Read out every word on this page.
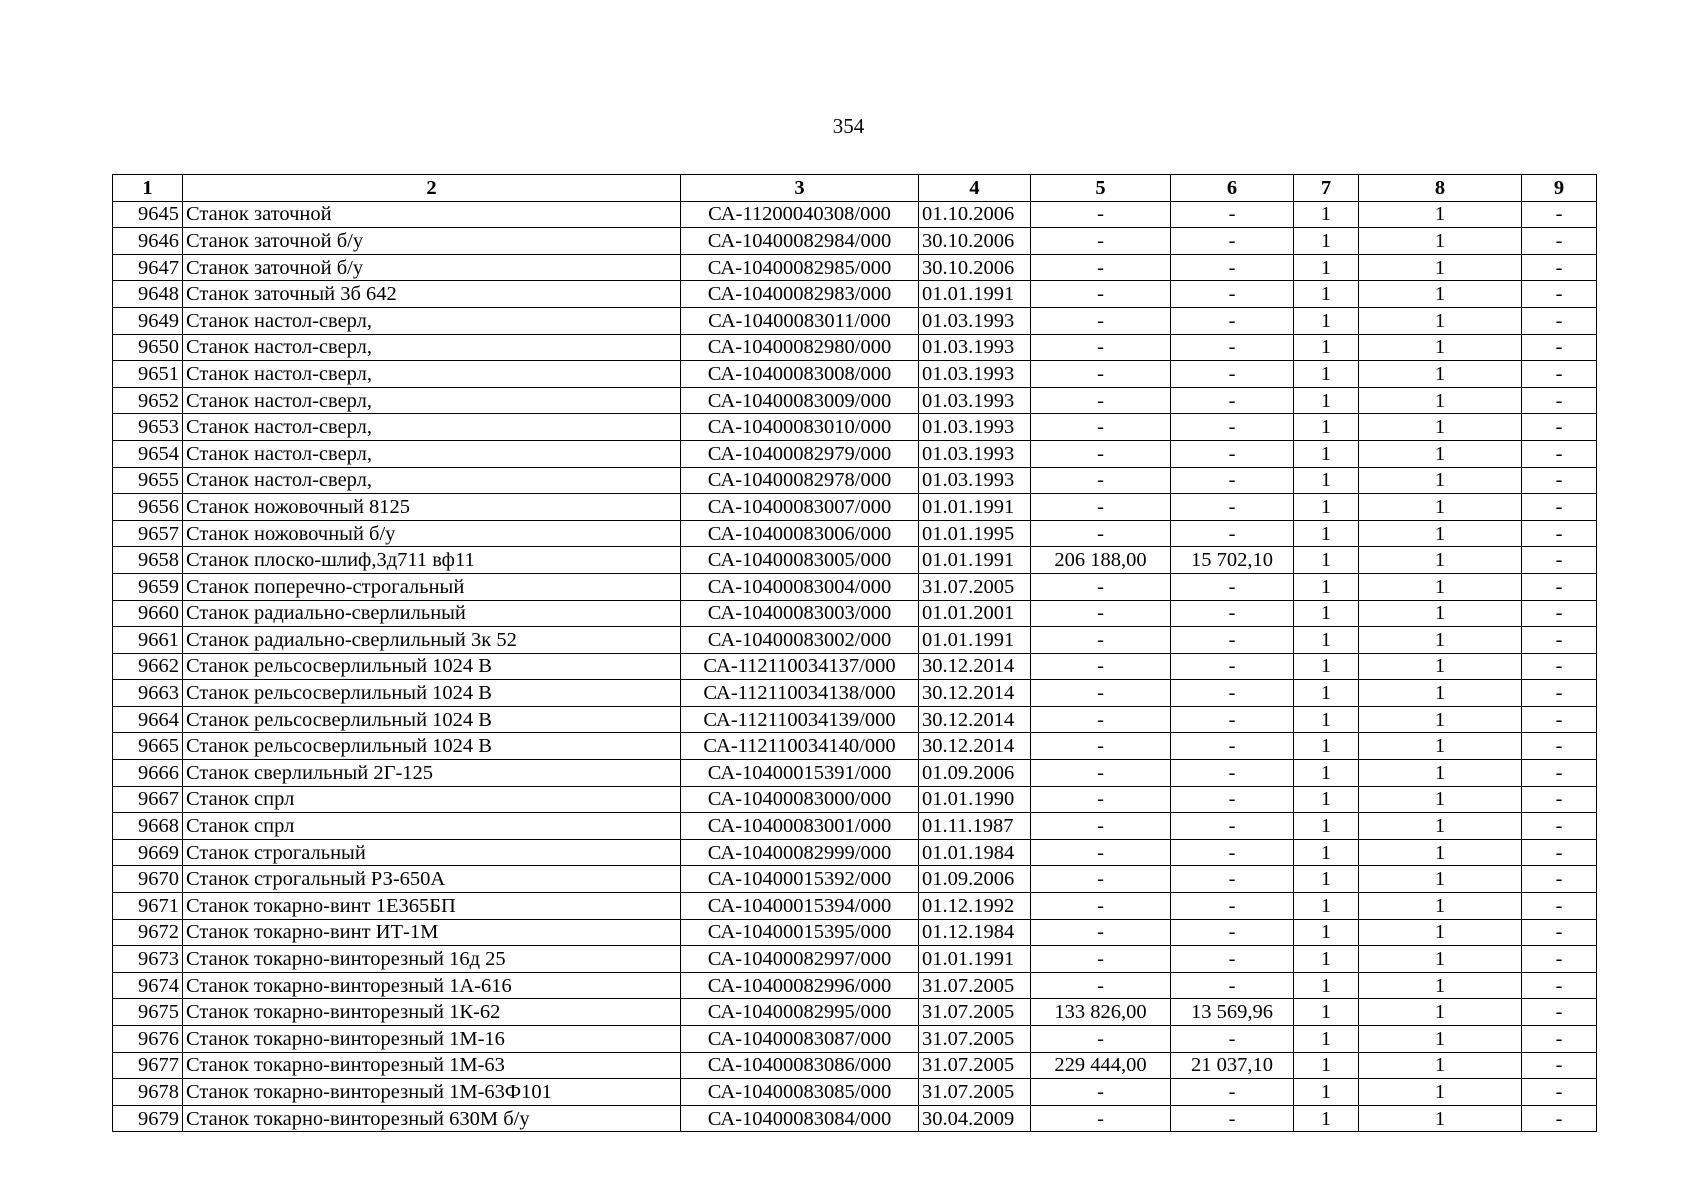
354
1	2	3	4	5	6	7	8	9
9645	Станок заточной	СА-11200040308/000	01.10.2006	-	-	1	1	-
9646	Станок заточной б/у	СА-10400082984/000	30.10.2006	-	-	1	1	-
9647	Станок заточной б/у	СА-10400082985/000	30.10.2006	-	-	1	1	-
9648	Станок заточный 3б 642	СА-10400082983/000	01.01.1991	-	-	1	1	-
9649	Станок настол-сверл,	СА-10400083011/000	01.03.1993	-	-	1	1	-
9650	Станок настол-сверл,	СА-10400082980/000	01.03.1993	-	-	1	1	-
9651	Станок настол-сверл,	СА-10400083008/000	01.03.1993	-	-	1	1	-
9652	Станок настол-сверл,	СА-10400083009/000	01.03.1993	-	-	1	1	-
9653	Станок настол-сверл,	СА-10400083010/000	01.03.1993	-	-	1	1	-
9654	Станок настол-сверл,	СА-10400082979/000	01.03.1993	-	-	1	1	-
9655	Станок настол-сверл,	СА-10400082978/000	01.03.1993	-	-	1	1	-
9656	Станок ножовочный 8125	СА-10400083007/000	01.01.1991	-	-	1	1	-
9657	Станок ножовочный б/у	СА-10400083006/000	01.01.1995	-	-	1	1	-
9658	Станок плоско-шлиф,3д711 вф11	СА-10400083005/000	01.01.1991	206 188,00	15 702,10	1	1	-
9659	Станок поперечно-строгальный	СА-10400083004/000	31.07.2005	-	-	1	1	-
9660	Станок радиально-сверлильный	СА-10400083003/000	01.01.2001	-	-	1	1	-
9661	Станок радиально-сверлильный 3к 52	СА-10400083002/000	01.01.1991	-	-	1	1	-
9662	Станок рельсосверлильный 1024 В	СА-112110034137/000	30.12.2014	-	-	1	1	-
9663	Станок рельсосверлильный 1024 В	СА-112110034138/000	30.12.2014	-	-	1	1	-
9664	Станок рельсосверлильный 1024 В	СА-112110034139/000	30.12.2014	-	-	1	1	-
9665	Станок рельсосверлильный 1024 В	СА-112110034140/000	30.12.2014	-	-	1	1	-
9666	Станок сверлильный 2Г-125	СА-10400015391/000	01.09.2006	-	-	1	1	-
9667	Станок спрл	СА-10400083000/000	01.01.1990	-	-	1	1	-
9668	Станок спрл	СА-10400083001/000	01.11.1987	-	-	1	1	-
9669	Станок строгальный	СА-10400082999/000	01.01.1984	-	-	1	1	-
9670	Станок строгальный РЗ-650А	СА-10400015392/000	01.09.2006	-	-	1	1	-
9671	Станок токарно-винт 1Е365БП	СА-10400015394/000	01.12.1992	-	-	1	1	-
9672	Станок токарно-винт ИТ-1М	СА-10400015395/000	01.12.1984	-	-	1	1	-
9673	Станок токарно-винторезный 16д 25	СА-10400082997/000	01.01.1991	-	-	1	1	-
9674	Станок токарно-винторезный 1А-616	СА-10400082996/000	31.07.2005	-	-	1	1	-
9675	Станок токарно-винторезный 1К-62	СА-10400082995/000	31.07.2005	133 826,00	13 569,96	1	1	-
9676	Станок токарно-винторезный 1М-16	СА-10400083087/000	31.07.2005	-	-	1	1	-
9677	Станок токарно-винторезный 1М-63	СА-10400083086/000	31.07.2005	229 444,00	21 037,10	1	1	-
9678	Станок токарно-винторезный 1М-63Ф101	СА-10400083085/000	31.07.2005	-	-	1	1	-
9679	Станок токарно-винторезный 630М б/у	СА-10400083084/000	30.04.2009	-	-	1	1	-
